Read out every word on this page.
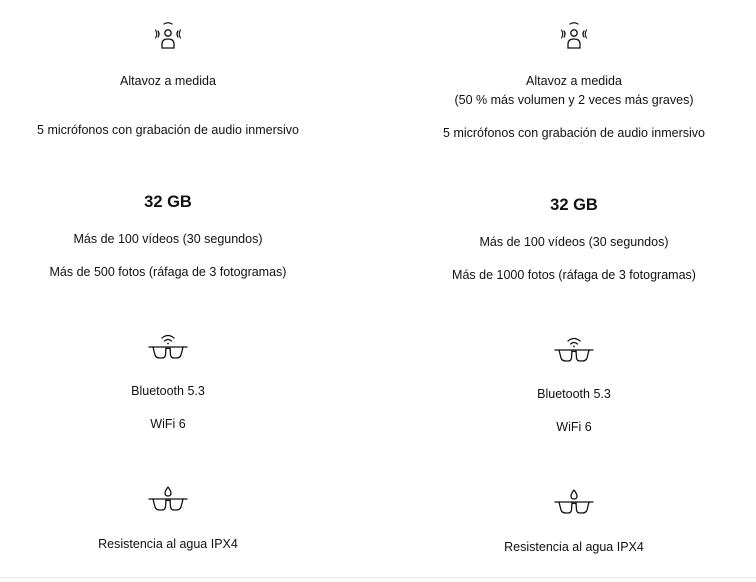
Altavoz a medida
5 micrófonos con grabación de audio inmersivo
32 GB
Más de 100 vídeos (30 segundos)
Más de 500 fotos (ráfaga de 3 fotogramas)
Bluetooth 5.3
WiFi 6
Resistencia al agua IPX4
Altavoz a medida
(50 % más volumen y 2 veces más graves)
5 micrófonos con grabación de audio inmersivo
32 GB
Más de 100 vídeos (30 segundos)
Más de 1000 fotos (ráfaga de 3 fotogramas)
Bluetooth 5.3
WiFi 6
Resistencia al agua IPX4
